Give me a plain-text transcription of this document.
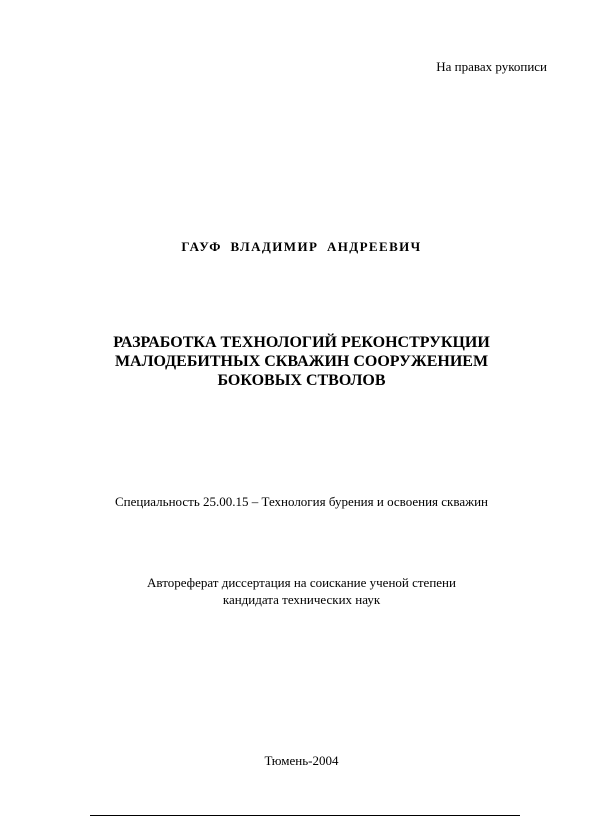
На правах рукописи
ГАУФ ВЛАДИМИР АНДРЕЕВИЧ
РАЗРАБОТКА ТЕХНОЛОГИЙ РЕКОНСТРУКЦИИ
МАЛОДЕБИТНЫХ СКВАЖИН СООРУЖЕНИЕМ
БОКОВЫХ СТВОЛОВ
Специальность 25.00.15 – Технология бурения и освоения скважин
Автореферат диссертация на соискание ученой степени
кандидата технических наук
Тюмень-2004
